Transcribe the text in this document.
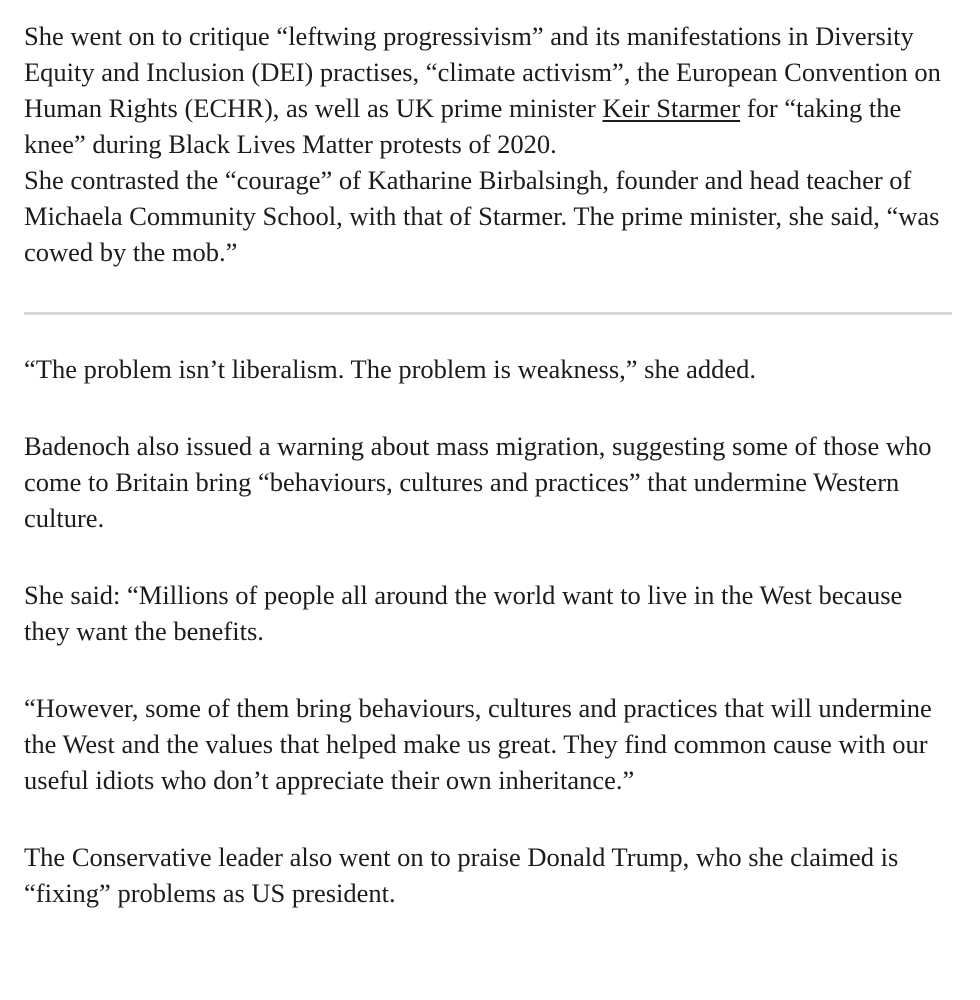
She went on to critique “leftwing progressivism” and its manifestations in Diversity Equity and Inclusion (DEI) practises, “climate activism”, the European Convention on Human Rights (ECHR), as well as UK prime minister Keir Starmer for “taking the knee” during Black Lives Matter protests of 2020.

She contrasted the “courage” of Katharine Birbalsingh, founder and head teacher of Michaela Community School, with that of Starmer. The prime minister, she said, “was cowed by the mob.”

“The problem isn’t liberalism. The problem is weakness,” she added.

Badenoch also issued a warning about mass migration, suggesting some of those who come to Britain bring “behaviours, cultures and practices” that undermine Western culture.

She said: “Millions of people all around the world want to live in the West because they want the benefits.

“However, some of them bring behaviours, cultures and practices that will undermine the West and the values that helped make us great. They find common cause with our useful idiots who don’t appreciate their own inheritance.”

The Conservative leader also went on to praise Donald Trump, who she claimed is “fixing” problems as US president.
